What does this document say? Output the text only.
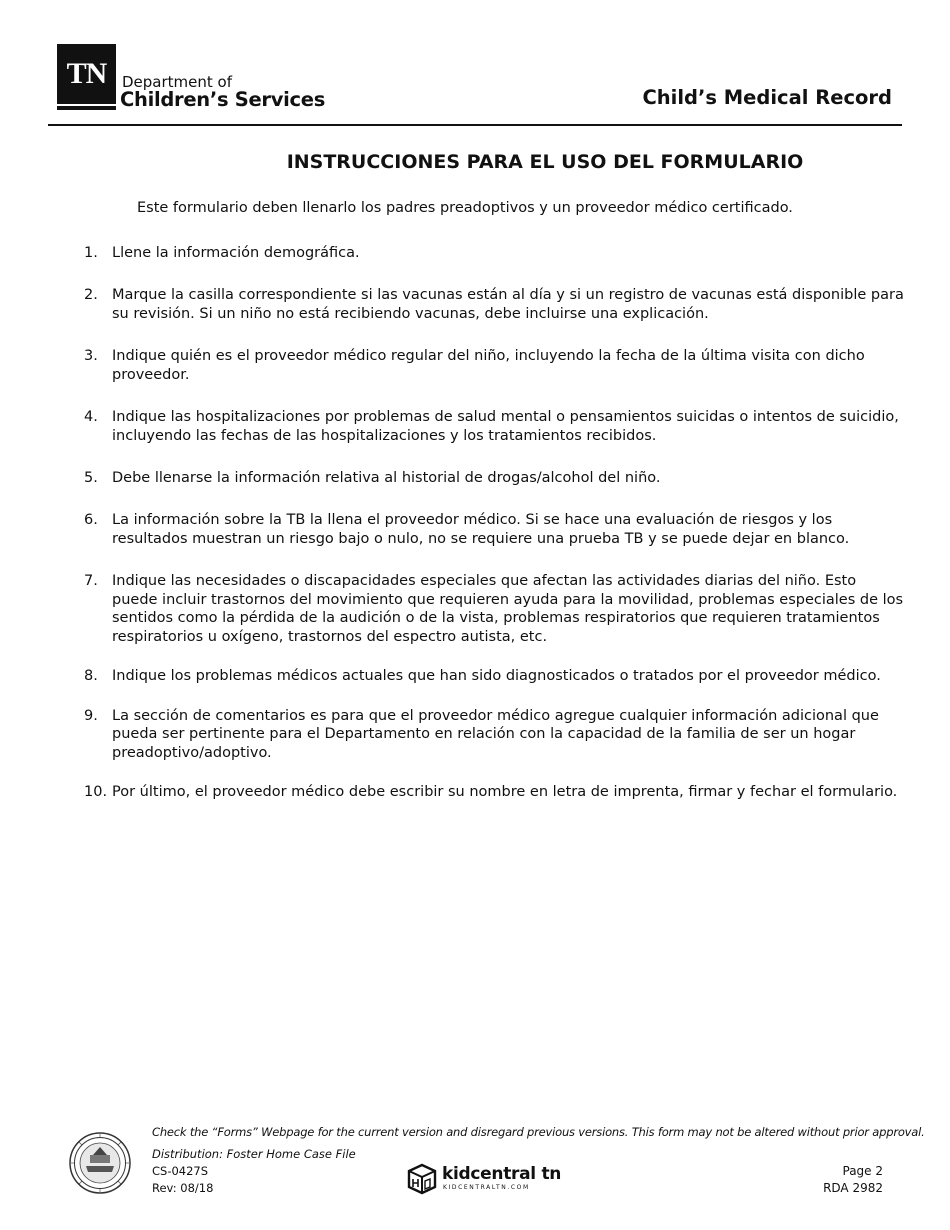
TN	Department of
Children’s Services	Child’s Medical Record
INSTRUCCIONES PARA EL USO DEL FORMULARIO
Este formulario deben llenarlo los padres preadoptivos y un proveedor médico certificado.
1. Llene la información demográfica.
2. Marque la casilla correspondiente si las vacunas están al día y si un registro de vacunas está disponible para su revisión. Si un niño no está recibiendo vacunas, debe incluirse una explicación.
3. Indique quién es el proveedor médico regular del niño, incluyendo la fecha de la última visita con dicho proveedor.
4. Indique las hospitalizaciones por problemas de salud mental o pensamientos suicidas o intentos de suicidio, incluyendo las fechas de las hospitalizaciones y los tratamientos recibidos.
5. Debe llenarse la información relativa al historial de drogas/alcohol del niño.
6. La información sobre la TB la llena el proveedor médico. Si se hace una evaluación de riesgos y los resultados muestran un riesgo bajo o nulo, no se requiere una prueba TB y se puede dejar en blanco.
7. Indique las necesidades o discapacidades especiales que afectan las actividades diarias del niño. Esto puede incluir trastornos del movimiento que requieren ayuda para la movilidad, problemas especiales de los sentidos como la pérdida de la audición o de la vista, problemas respiratorios que requieren tratamientos respiratorios u oxígeno, trastornos del espectro autista, etc.
8. Indique los problemas médicos actuales que han sido diagnosticados o tratados por el proveedor médico.
9. La sección de comentarios es para que el proveedor médico agregue cualquier información adicional que pueda ser pertinente para el Departamento en relación con la capacidad de la familia de ser un hogar preadoptivo/adoptivo.
10. Por último, el proveedor médico debe escribir su nombre en letra de imprenta, firmar y fechar el formulario.
Check the “Forms” Webpage for the current version and disregard previous versions. This form may not be altered without prior approval.
Distribution: Foster Home Case File
CS-0427S
Rev: 08/18
kidcentral tn
KIDCENTRALTN.COM
Page 2
RDA 2982
